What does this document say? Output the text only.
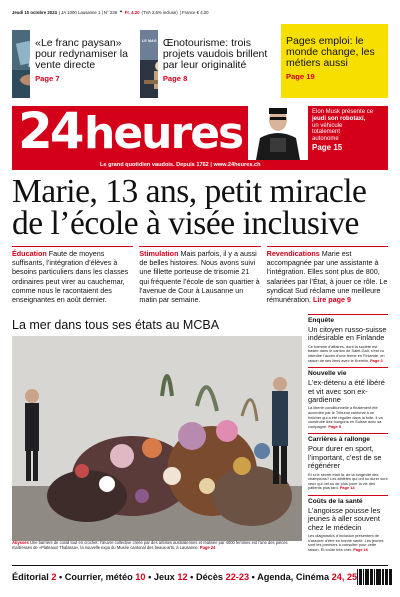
Jeudi 10 octobre 2024 | JA 1000 Lausanne 1 | N° 236 ✦ Fr. 4.20 (TVA 2,6% incluse) | France € 4.20
«Le franc paysan» pour redynamiser la vente directe
Page 7
LE MAG Œnotourisme: trois projets vaudois brillent par leur originalité
Page 8
Pages emploi: le monde change, les métiers aussi
Page 19
24 heures	Elon Musk présente ce
jeudi son robotaxi,
un véhicule
totalement
autonome
Page 15
Le grand quotidien vaudois. Depuis 1762 | www.24heures.ch
Marie, 13 ans, petit miracle de l’école à visée inclusive
Éducation Faute de moyens suffisants, l’intégration d’élèves à besoins particuliers dans les classes ordinaires peut virer au cauchemar, comme nous le racontaient des enseignantes en août dernier.
Stimulation Mais parfois, il y a aussi de belles histoires. Nous avons suivi une fillette porteuse de trisomie 21 qui fréquente l’école de son quartier à l’avenue de Cour à Lausanne un matin par semaine.
Revendications Marie est accompagnée par une assistante à l’intégration. Elles sont plus de 800, salariées par l’État, à jouer ce rôle. Le syndicat Sud réclame une meilleure rémunération. Lire page 9
La mer dans tous ses états au MCBA
Abysses Une barrière de corail tout en crochet: l’œuvre collective créée par des artistes australiennes et réalisée par 4000 femmes est l’une des pièces maîtresses de «Plateaux! Thalassa», la nouvelle expo du Musée cantonal des beaux-arts, à Lausanne. Page 24
Enquête
Un citoyen russo-suisse indésirable en Finlande
Ce homme d’affaires, dont la société est basée dans le canton de Saint-Gall, s’est vu interdire l’accès d’une ferme en Finlande, en raison de ses liens avec le Kremlin. Page 3
Nouvelle vie
L’ex-détenu a été libéré et vit avec son ex-gardienne
La liberté conditionnelle a finalement été accordée par le Tribunal cantonal à un fraîcher qui a été régulier dans la fuite. Il va construire des fourgons en Suisse avec sa compagne. Page 5
Carrières à rallonge
Pour durer en sport, l’important, c’est de se régénérer
Et si le secret était là, de la longévité des champions? Les athlètes qui ont su durer sont ceux qui ont su de plus jouer la vie des patients plus tard. Page 14
Coûts de la santé
L’angoisse pousse les jeunes à aller souvent chez le médecin
Les diagnostics d’inclusion présentent de s’assurer d’être en bonne santé. Les jeunes sont les premiers à consulter pour cette raison. Et coûte très cher. Page 16
Éditorial 2 • Courrier, météo 10 • Jeux 12 • Décès 22-23 • Agenda, Cinéma 24, 25
